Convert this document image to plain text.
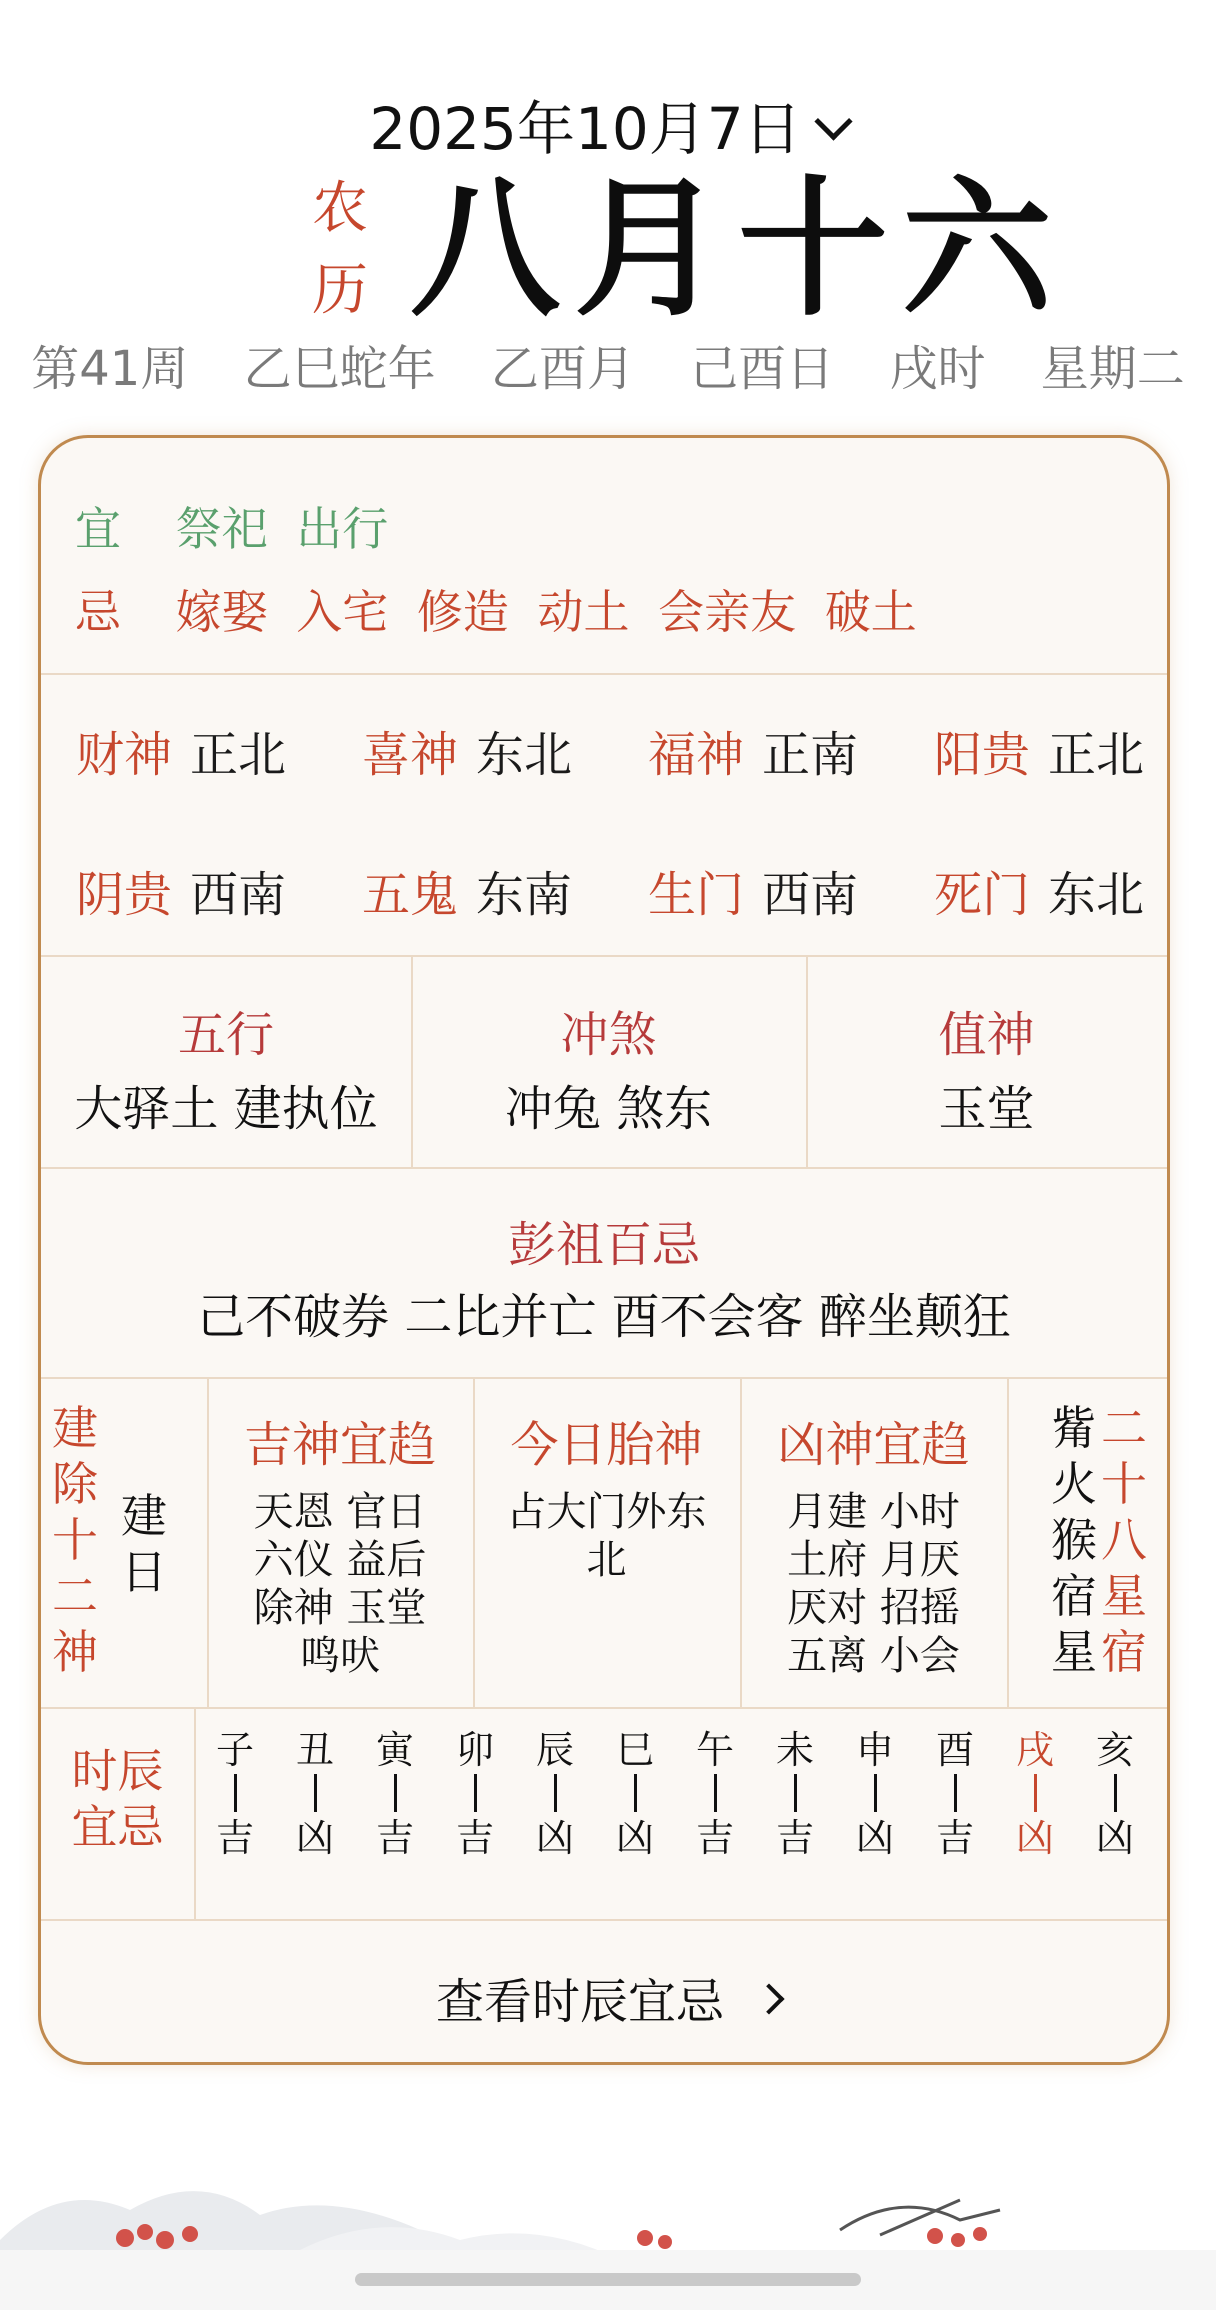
2025年10月7日
农
历 八月十六
第41周 乙巳蛇年 乙酉月 己酉日 戌时 星期二
宜 祭祀 出行
忌 嫁娶 入宅 修造 动土 会亲友 破土
财神 正北 喜神 东北 福神 正南 阳贵 正北
阴贵 西南 五鬼 东南 生门 西南 死门 东北
五行
大驿土 建执位
冲煞
冲兔 煞东
值神
玉堂
彭祖百忌
己不破券 二比并亡 酉不会客 醉坐颠狂
建
除
十
二
神
建
日
吉神宜趋
天恩 官日
六仪 益后
除神 玉堂
鸣吠
今日胎神
占大门外东
北
凶神宜趋
月建 小时
土府 月厌
厌对 招摇
五离 小会
觜
火
猴
宿
星
二
十
八
星
宿
时辰
宜忌
子
吉
丑
凶
寅
吉
卯
吉
辰
凶
巳
凶
午
吉
未
吉
申
凶
酉
吉
戌
凶
亥
凶
查看时辰宜忌
